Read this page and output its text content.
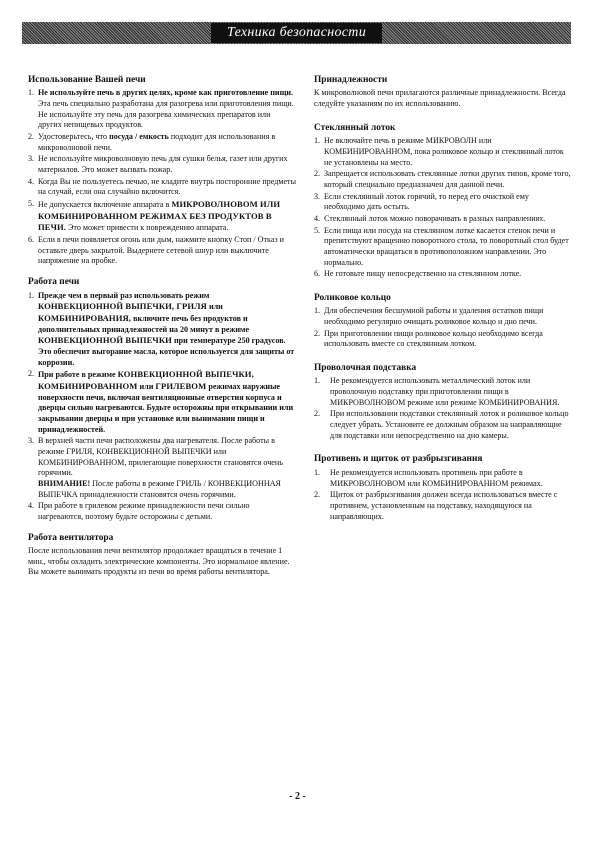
Техника безопасности
Использование Вашей печи
1. Не используйте печь в других целях, кроме как приготовление пищи. Эта печь специально разработана для разогрева или приготовления пищи. Не используйте эту печь для разогрева химических препаратов или других непищевых продуктов.
2. Удостоверьтесь, что посуда / емкость подходит для использования в микроволновой печи.
3. Не используйте микроволновую печь для сушки белья, газет или других материалов. Это может вызвать пожар.
4. Когда Вы не пользуетесь печью, не кладите внутрь посторонние предметы на случай, если она случайно включится.
5. Не допускается включение аппарата в МИКРОВОЛНОВОМ ИЛИ КОМБИНИРОВАННОМ РЕЖИМАХ БЕЗ ПРОДУКТОВ В ПЕЧИ. Это может привести к повреждению аппарата.
6. Если в печи появляется огонь или дым, нажмите кнопку Стоп / Отказ и оставьте дверь закрытой. Выдернете сетевой шнур или выключите напряжение на пробке.
Работа печи
1. Прежде чем в первый раз использовать режим КОНВЕКЦИОННОЙ ВЫПЕЧКИ, ГРИЛЯ или КОМБИНИРОВАНИЯ, включите печь без продуктов и дополнительных принадлежностей на 20 минут в режиме КОНВЕКЦИОННОЙ ВЫПЕЧКИ при температуре 250 градусов. Это обеспечит выгорание масла, которое используется для защиты от коррозии.
2. При работе в режиме КОНВЕКЦИОННОЙ ВЫПЕЧКИ, КОМБИНИРОВАННОМ или ГРИЛЕВОМ режимах наружные поверхности печи, включая вентиляционные отверстия корпуса и дверцы сильно нагреваются. Будьте осторожны при открывании или закрывании дверцы и при установке или вынимании пищи и принадлежностей.
3. В верхней части печи расположены два нагревателя. После работы в режиме ГРИЛЯ, КОНВЕКЦИОННОЙ ВЫПЕЧКИ или КОМБИНИРОВАННОМ, прилегающие поверхности становятся очень горячими.
ВНИМАНИЕ! После работы в режиме ГРИЛЬ / КОНВЕКЦИОННАЯ ВЫПЕЧКА принадлежности становятся очень горячими.
4. При работе в грилевом режиме принадлежности печи сильно нагреваются, поэтому будьте осторожны с детьми.
Работа вентилятора

После использования печи вентилятор продолжает вращаться в течение 1 мин., чтобы охладить электрические компоненты. Это нормальное явление. Вы можете вынимать продукты из печи во время работы вентилятора.

Принадлежности

К микроволновой печи прилагаются различные принадлежности. Всегда следуйте указаниям по их использованию.

Стеклянный лоток
1. Не включайте печь в режиме МИКРОВОЛН или КОМБИНИРОВАННОМ, пока роликовое кольцо и стеклянный лоток не установлены на место.
2. Запрещается использовать стеклянные лотки других типов, кроме того, который специально предназначен для данной печи.
3. Если стеклянный лоток горячий, то перед его очисткой ему необходимо дать остыть.
4. Стеклянный лоток можно поворачивать в разных направлениях.
5. Если пища или посуда на стеклянном лотке касается стенок печи и препятствуют вращению поворотного стола, то поворотный стол будет автоматически вращаться в противоположном направлении. Это нормально.
6. Не готовьте пищу непосредственно на стеклянном лотке.
Роликовое кольцо
1. Для обеспечения бесшумной работы и удаления остатков пищи необходимо регулярно очищать роликовое кольцо и дно печи.
2. При приготовлении пищи роликовое кольцо необходимо всегда использовать вместе со стеклянным лотком.
Проволочная подставка
1. Не рекомендуется использовать металлический лоток или проволочную подставку при приготовлении пищи в МИКРОВОЛНОВОМ режиме или режиме КОМБИНИРОВАНИЯ.
2. При использовании подставки стеклянный лоток и роликовое кольцо следует убрать. Установите ее должным образом на направляющие для подставки или непосредственно на дно камеры.
Противень и щиток от разбрызгивания
1. Не рекомендуется использовать противень при работе в МИКРОВОЛНОВОМ или КОМБИНИРОВАННОМ режимах.
2. Щиток от разбрызгивания должен всегда использоваться вместе с противнем, установленным на подставку, находящуюся на направляющих.
- 2 -
